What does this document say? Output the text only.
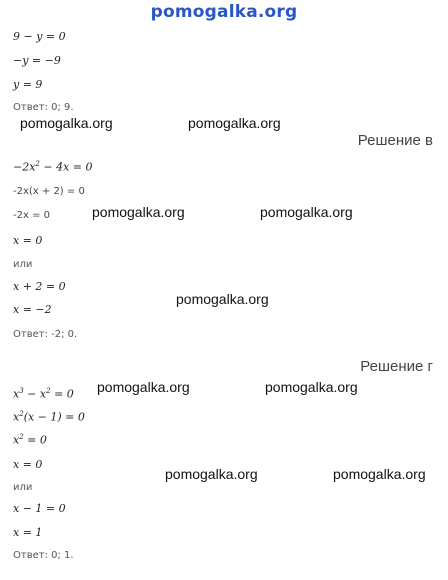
pomogalka.org
9 − y = 0
−y = −9
y = 9
Ответ: 0; 9.
pomogalka.org	pomogalka.org
Решение в
$-2x^2 - 4x = 0$
-2x(x + 2) = 0
-2x = 0	pomogalka.org	pomogalka.org
x = 0
или
x + 2 = 0
pomogalka.org
x = −2
Ответ: -2; 0.
Решение г
$x^3 - x^2 = 0$ pomogalka.org	pomogalka.org
$x^2(x - 1) = 0$
$x^2 = 0$
x = 0
pomogalka.org	pomogalka.org
или
x − 1 = 0
x = 1
Ответ: 0; 1.
